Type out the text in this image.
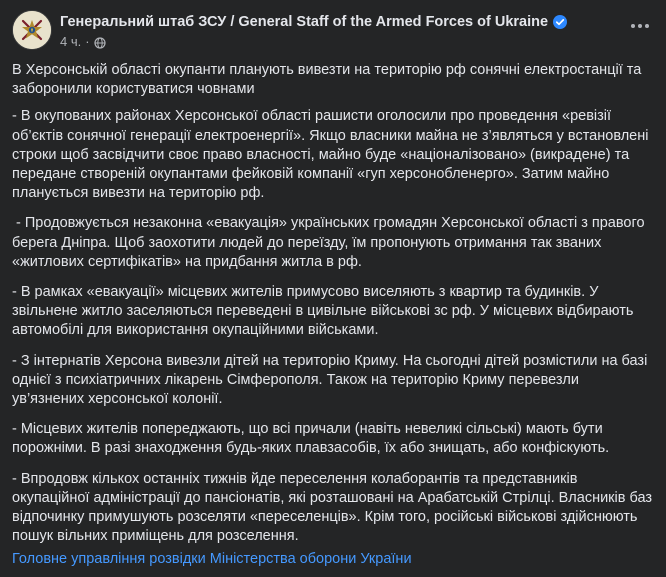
Генеральний штаб ЗСУ / General Staff of the Armed Forces of Ukraine
4 ч. ·

В Херсонській області окупанти планують вивезти на територію рф сонячні електростанції та заборонили користуватися човнами

- В окупованих районах Херсонської області рашисти оголосили про проведення «ревізії об’єктів сонячної генерації електроенергії». Якщо власники майна не з’являться у встановлені строки щоб засвідчити своє право власності, майно буде «націоналізовано» (викрадене) та передане створеній окупантами фейковій компанії «гуп херсонобленерго». Затим майно планується вивезти на територію рф.

- Продовжується незаконна «евакуація» українських громадян Херсонської області з правого берега Дніпра. Щоб заохотити людей до переїзду, їм пропонують отримання так званих «житлових сертифікатів» на придбання житла в рф.

- В рамках «евакуації» місцевих жителів примусово виселяють з квартир та будинків. У звільнене житло заселяються переведені в цивільне військові зс рф. У місцевих відбирають автомобілі для використання окупаційними військами.

- З інтернатів Херсона вивезли дітей на територію Криму. На сьогодні дітей розмістили на базі однієї з психіатричних лікарень Сімферополя. Також на територію Криму перевезли ув’язнених херсонської колонії.

- Місцевих жителів попереджають, що всі причали (навіть невеликі сільські) мають бути порожніми. В разі знаходження будь-яких плавзасобів, їх або знищать, або конфіскують.

- Впродовж кількох останніх тижнів йде переселення колаборантів та представників окупаційної адміністрації до пансіонатів, які розташовані на Арабатській Стрілці. Власників баз відпочинку примушують розселяти «переселенців». Крім того, російські військові здійснюють пошук вільних приміщень для розселення.

Головне управління розвідки Міністерства оборони України
